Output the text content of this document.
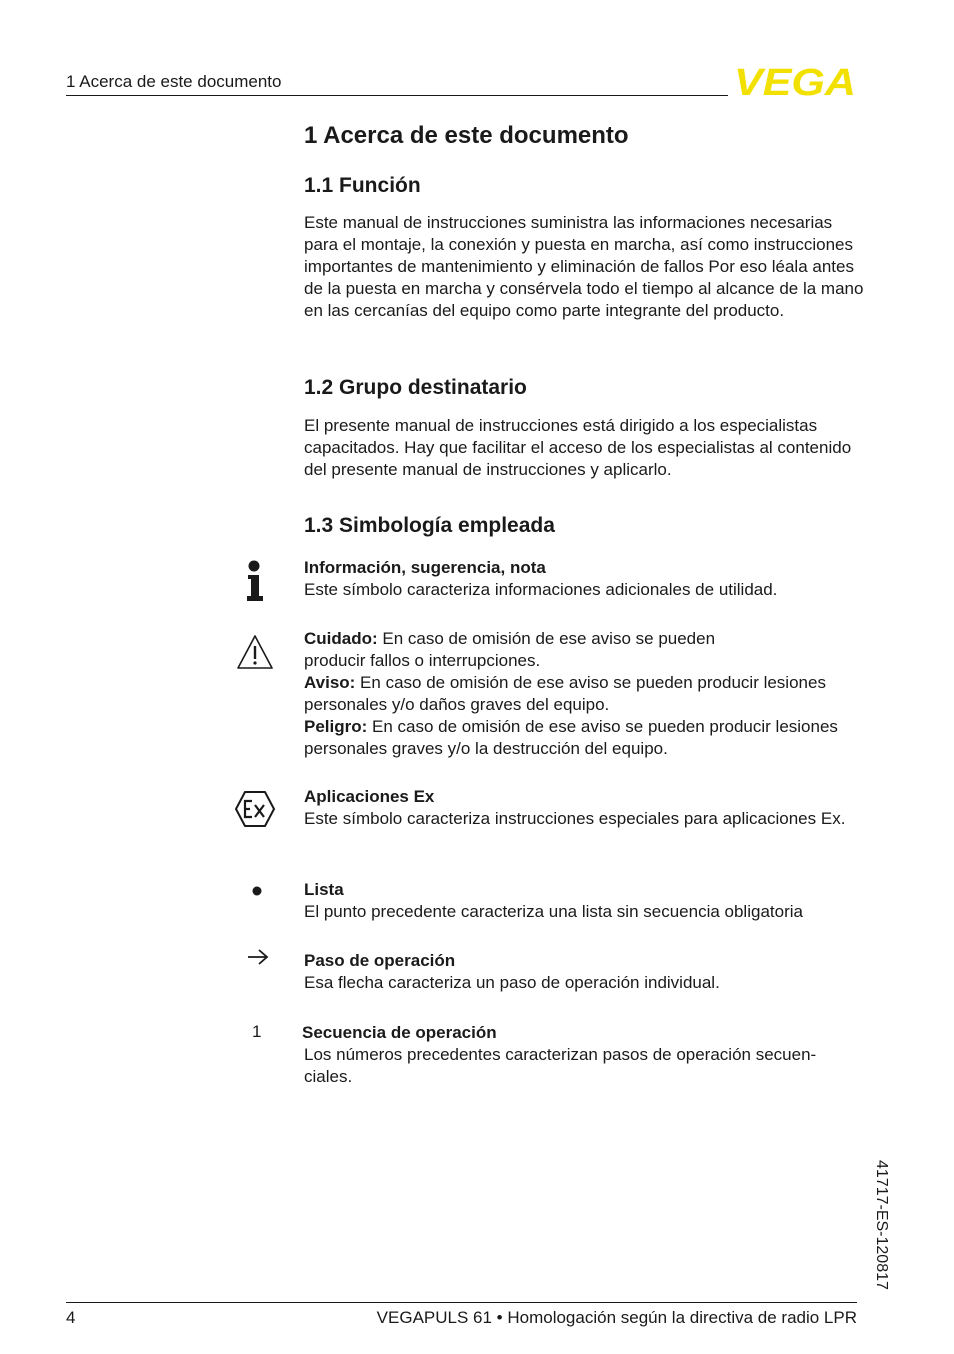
1 Acerca de este documento	VEGA
1 Acerca de este documento
1.1 Función

Este manual de instrucciones suministra las informaciones necesarias para el montaje, la conexión y puesta en marcha, así como instrucciones importantes de mantenimiento y eliminación de fallos Por eso léala antes de la puesta en marcha y consérvela todo el tiempo al alcance de la mano en las cercanías del equipo como parte integrante del producto.

1.2 Grupo destinatario

El presente manual de instrucciones está dirigido a los especialistas capacitados. Hay que facilitar el acceso de los especialistas al contenido del presente manual de instrucciones y aplicarlo.

1.3 Simbología empleada

Información, sugerencia, nota

Este símbolo caracteriza informaciones adicionales de utilidad.

Cuidado: En caso de omisión de ese aviso se pueden producir fallos o interrupciones.

Aviso: En caso de omisión de ese aviso se pueden producir lesiones personales y/o daños graves del equipo.

Peligro: En caso de omisión de ese aviso se pueden producir lesiones personales graves y/o la destrucción del equipo.

Aplicaciones Ex

Este símbolo caracteriza instrucciones especiales para aplicaciones Ex.

Lista

El punto precedente caracteriza una lista sin secuencia obligatoria

Paso de operación

Esa flecha caracteriza un paso de operación individual.

1 Secuencia de operación

Los números precedentes caracterizan pasos de operación secuen- ciales.

41717-ES-120817
4	VEGAPULS 61 • Homologación según la directiva de radio LPR
